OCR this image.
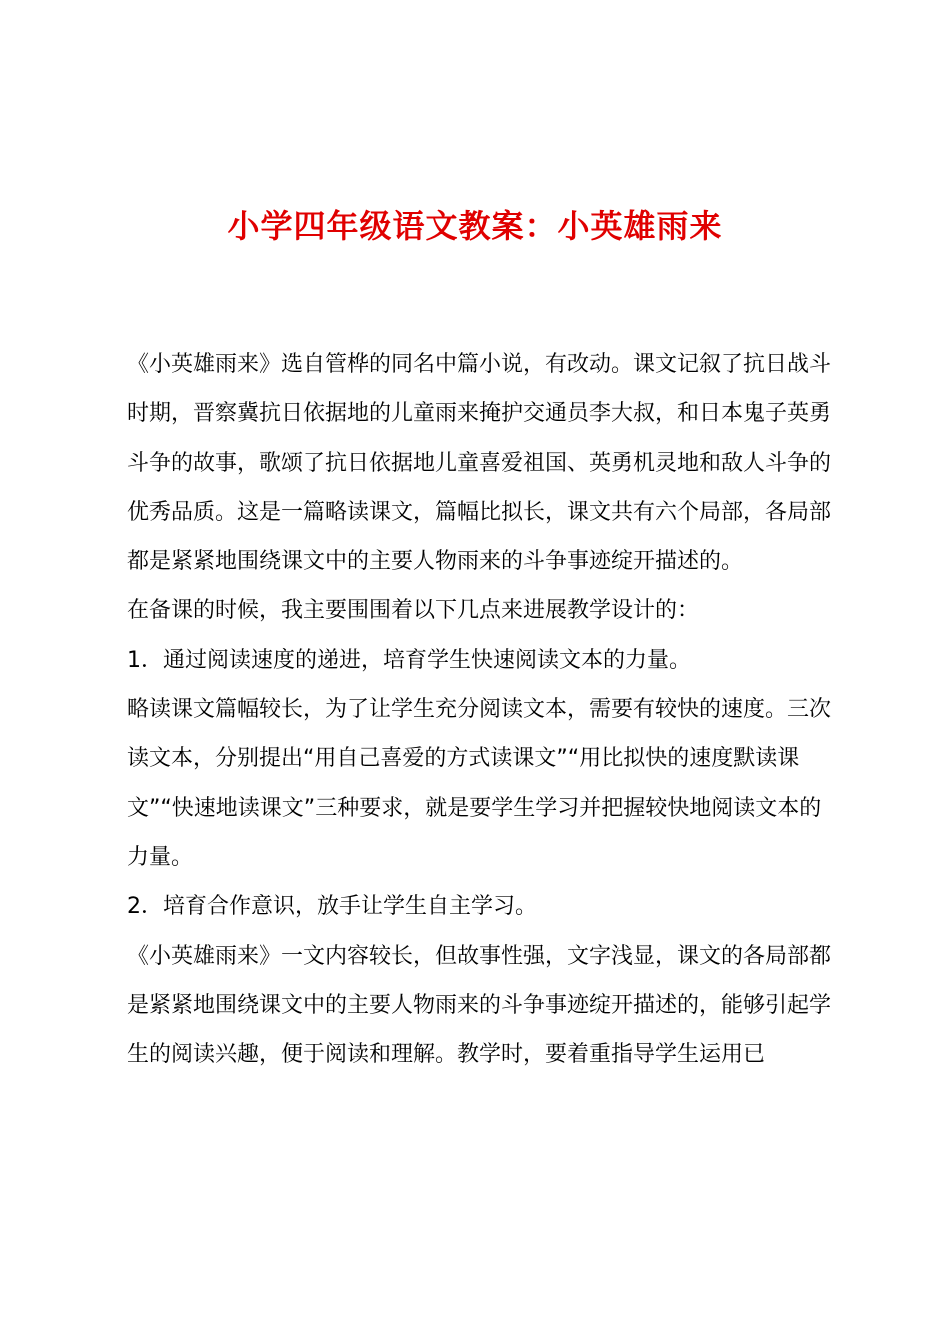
小学四年级语文教案：小英雄雨来

《小英雄雨来》选自管桦的同名中篇小说，有改动。课文记叙了抗日战斗时期，晋察冀抗日依据地的儿童雨来掩护交通员李大叔，和日本鬼子英勇斗争的故事，歌颂了抗日依据地儿童喜爱祖国、英勇机灵地和敌人斗争的优秀品质。这是一篇略读课文，篇幅比拟长，课文共有六个局部，各局部都是紧紧地围绕课文中的主要人物雨来的斗争事迹绽开描述的。

在备课的时候，我主要围围着以下几点来进展教学设计的：

1．通过阅读速度的递进，培育学生快速阅读文本的力量。

略读课文篇幅较长，为了让学生充分阅读文本，需要有较快的速度。三次读文本，分别提出“用自己喜爱的方式读课文”“用比拟快的速度默读课文”“快速地读课文”三种要求，就是要学生学习并把握较快地阅读文本的力量。

2．培育合作意识，放手让学生自主学习。

《小英雄雨来》一文内容较长，但故事性强，文字浅显，课文的各局部都是紧紧地围绕课文中的主要人物雨来的斗争事迹绽开描述的，能够引起学生的阅读兴趣，便于阅读和理解。教学时，要着重指导学生运用已
